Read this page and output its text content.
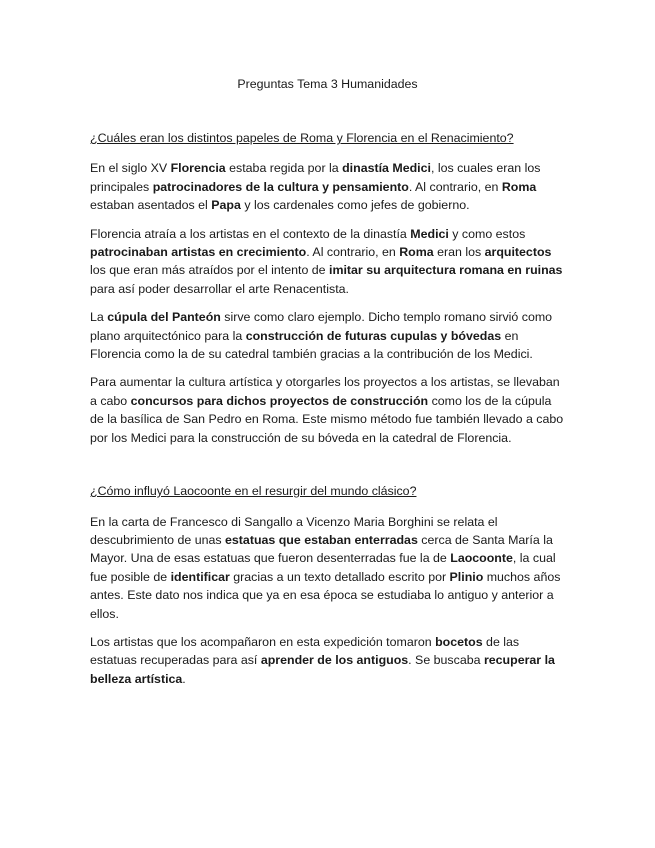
Preguntas Tema 3 Humanidades
¿Cuáles eran los distintos papeles de Roma y Florencia en el Renacimiento?

En el siglo XV Florencia estaba regida por la dinastía Medici, los cuales eran los principales patrocinadores de la cultura y pensamiento. Al contrario, en Roma estaban asentados el Papa y los cardenales como jefes de gobierno.

Florencia atraía a los artistas en el contexto de la dinastía Medici y como estos patrocinaban artistas en crecimiento. Al contrario, en Roma eran los arquitectos los que eran más atraídos por el intento de imitar su arquitectura romana en ruinas para así poder desarrollar el arte Renacentista.

La cúpula del Panteón sirve como claro ejemplo. Dicho templo romano sirvió como plano arquitectónico para la construcción de futuras cupulas y bóvedas en Florencia como la de su catedral también gracias a la contribución de los Medici.

Para aumentar la cultura artística y otorgarles los proyectos a los artistas, se llevaban a cabo concursos para dichos proyectos de construcción como los de la cúpula de la basílica de San Pedro en Roma. Este mismo método fue también llevado a cabo por los Medici para la construcción de su bóveda en la catedral de Florencia.

¿Cómo influyó Laocoonte en el resurgir del mundo clásico?

En la carta de Francesco di Sangallo a Vicenzo Maria Borghini se relata el descubrimiento de unas estatuas que estaban enterradas cerca de Santa María la Mayor. Una de esas estatuas que fueron desenterradas fue la de Laocoonte, la cual fue posible de identificar gracias a un texto detallado escrito por Plinio muchos años antes. Este dato nos indica que ya en esa época se estudiaba lo antiguo y anterior a ellos.

Los artistas que los acompañaron en esta expedición tomaron bocetos de las estatuas recuperadas para así aprender de los antiguos. Se buscaba recuperar la belleza artística.
